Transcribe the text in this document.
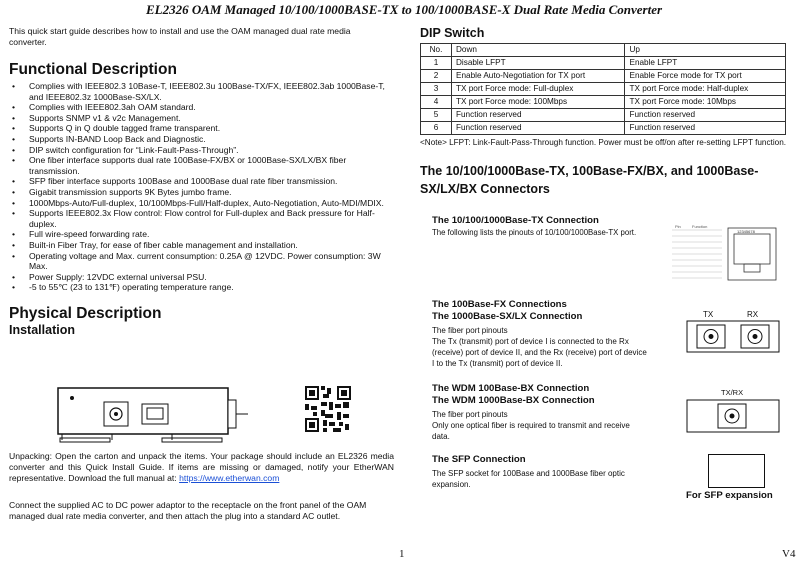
EL2326 OAM Managed 10/100/1000BASE-TX to 100/1000BASE-X Dual Rate Media Converter

This quick start guide describes how to install and use the OAM managed dual rate media converter.

Functional Description

• Complies with IEEE802.3 10Base-T, IEEE802.3u 100Base-TX/FX, IEEE802.3ab 1000Base-T, and IEEE802.3z 1000Base-SX/LX.
• Complies with IEEE802.3ah OAM standard.
• Supports SNMP v1 & v2c Management.
• Supports Q in Q double tagged frame transparent.
• Supports IN-BAND Loop Back and Diagnostic.
• DIP switch configuration for “Link-Fault-Pass-Through”.
• One fiber interface supports dual rate 100Base-FX/BX or 1000Base-SX/LX/BX fiber transmission.
• SFP fiber interface supports 100Base and 1000Base dual rate fiber transmission.
• Gigabit transmission supports 9K Bytes jumbo frame.
• 1000Mbps-Auto/Full-duplex, 10/100Mbps-Full/Half-duplex, Auto-Negotiation, Auto-MDI/MDIX.
• Supports IEEE802.3x Flow control: Flow control for Full-duplex and Back pressure for Half-duplex.
• Full wire-speed forwarding rate.
• Built-in Fiber Tray, for ease of fiber cable management and installation.
• Operating voltage and Max. current consumption: 0.25A @ 12VDC. Power consumption: 3W Max.
• Power Supply: 12VDC external universal PSU.
• -5 to 55℃ (23 to 131℉) operating temperature range.

Physical Description

Installation

Unpacking: Open the carton and unpack the items. Your package should include an EL2326 media converter and this Quick Install Guide. If items are missing or damaged, notify your EtherWAN representative. Download the full manual at: https://www.etherwan.com

Connect the supplied AC to DC power adaptor to the receptacle on the front panel of the OAM managed dual rate media converter, and then attach the plug into a standard AC outlet.

DIP Switch

No.	Down	Up
1	Disable LFPT	Enable LFPT
2	Enable Auto-Negotiation for TX port	Enable Force mode for TX port
3	TX port Force mode: Full-duplex	TX port Force mode: Half-duplex
4	TX port Force mode: 100Mbps	TX port Force mode: 10Mbps
5	Function reserved	Function reserved
6	Function reserved	Function reserved

<Note> LFPT: Link-Fault-Pass-Through function. Power must be off/on after re-setting LFPT function.

The 10/100/1000Base-TX, 100Base-FX/BX, and 1000Base-SX/LX/BX Connectors

The 10/100/1000Base-TX Connection

The following lists the pinouts of 10/100/1000Base-TX port.

Pin	Function
12345678

The 100Base-FX Connections

The 1000Base-SX/LX Connection

The fiber port pinouts

The Tx (transmit) port of device I is connected to the Rx (receive) port of device II, and the Rx (receive) port of device I to the Tx (transmit) port of device II.

TX	RX

The WDM 100Base-BX Connection

The WDM 1000Base-BX Connection

The fiber port pinouts

Only one optical fiber is required to transmit and receive data.

TX/RX

The SFP Connection

The SFP socket for 100Base and 1000Base fiber optic expansion.

For SFP expansion
1	V4
